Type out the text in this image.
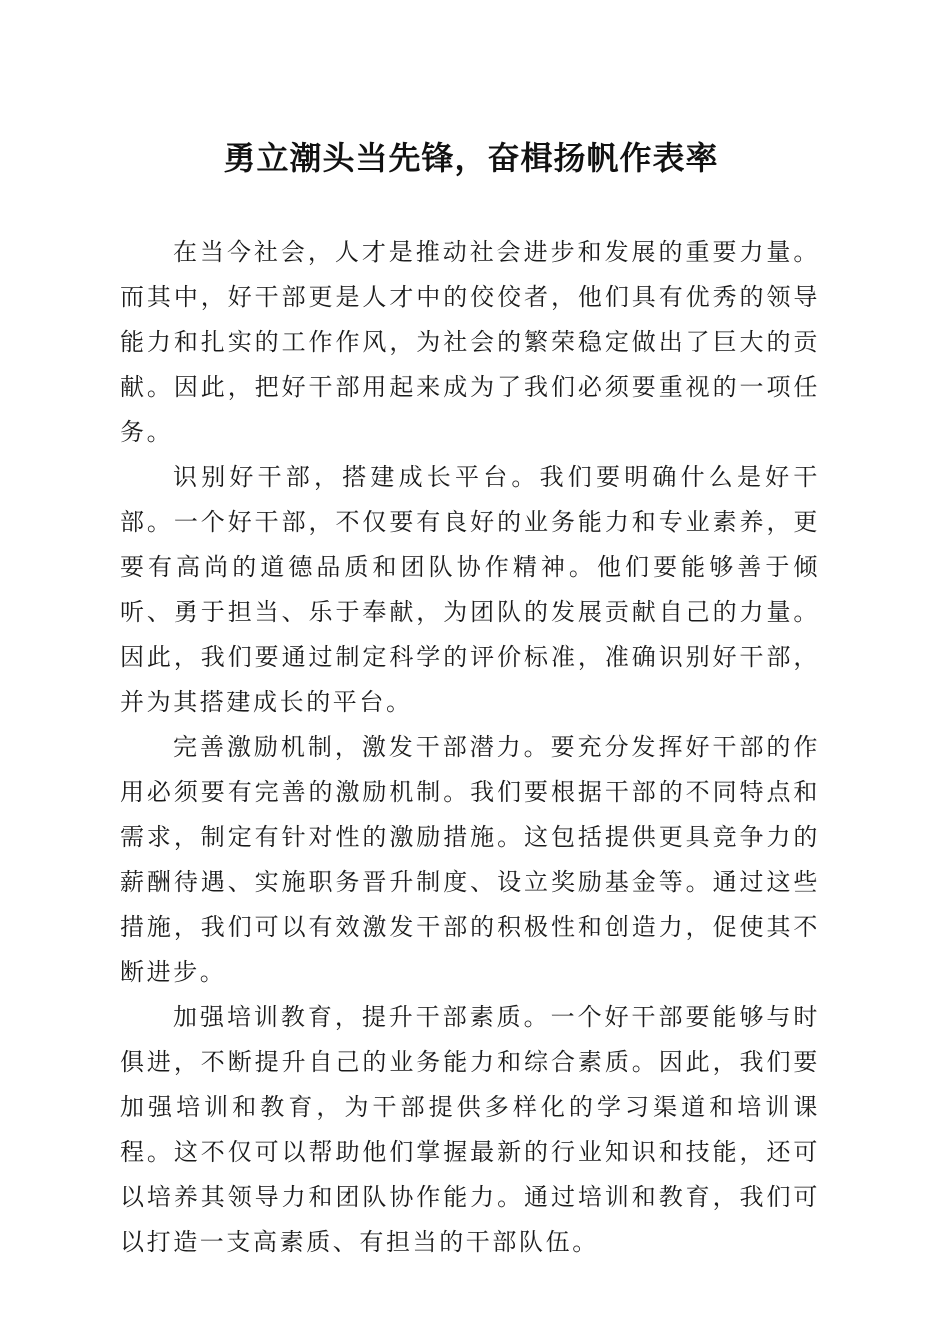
勇立潮头当先锋，奋楫扬帆作表率

在当今社会，人才是推动社会进步和发展的重要力量。而其中，好干部更是人才中的佼佼者，他们具有优秀的领导能力和扎实的工作作风，为社会的繁荣稳定做出了巨大的贡献。因此，把好干部用起来成为了我们必须要重视的一项任务。

识别好干部，搭建成长平台。我们要明确什么是好干部。一个好干部，不仅要有良好的业务能力和专业素养，更要有高尚的道德品质和团队协作精神。他们要能够善于倾听、勇于担当、乐于奉献，为团队的发展贡献自己的力量。因此，我们要通过制定科学的评价标准，准确识别好干部，并为其搭建成长的平台。

完善激励机制，激发干部潜力。要充分发挥好干部的作用必须要有完善的激励机制。我们要根据干部的不同特点和需求，制定有针对性的激励措施。这包括提供更具竞争力的薪酬待遇、实施职务晋升制度、设立奖励基金等。通过这些措施，我们可以有效激发干部的积极性和创造力，促使其不断进步。

加强培训教育，提升干部素质。一个好干部要能够与时俱进，不断提升自己的业务能力和综合素质。因此，我们要加强培训和教育，为干部提供多样化的学习渠道和培训课程。这不仅可以帮助他们掌握最新的行业知识和技能，还可以培养其领导力和团队协作能力。通过培训和教育，我们可以打造一支高素质、有担当的干部队伍。
